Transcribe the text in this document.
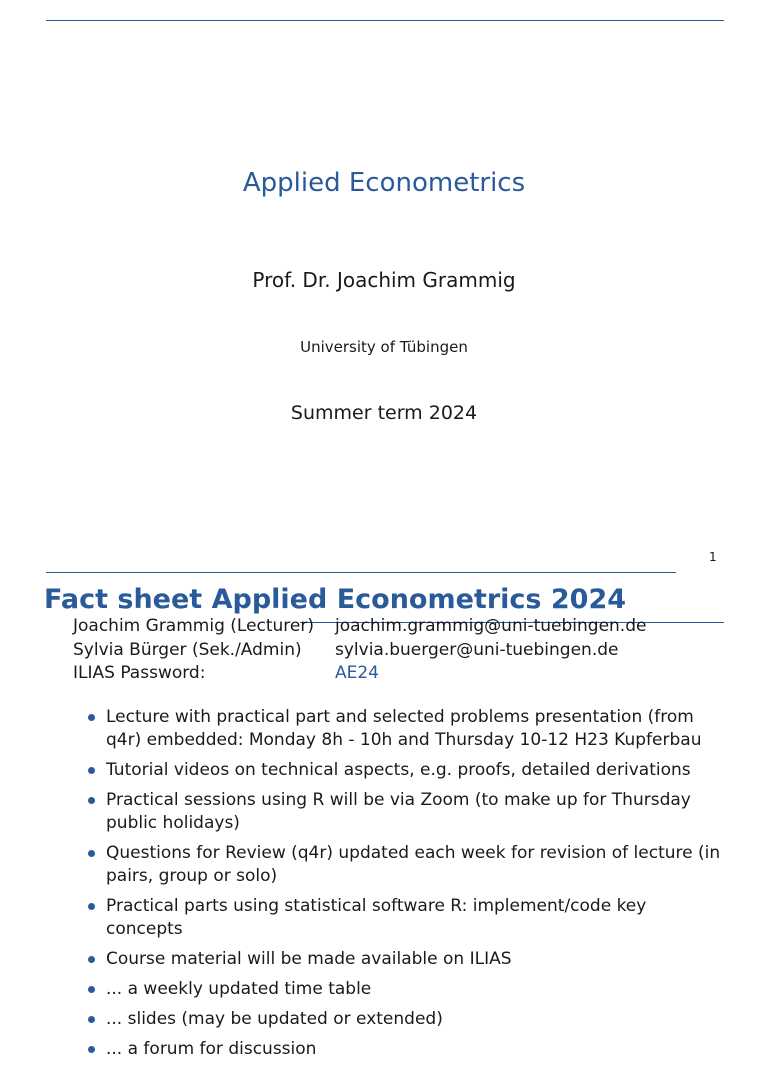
Applied Econometrics
Prof. Dr. Joachim Grammig
University of Tübingen
Summer term 2024
1
Fact sheet Applied Econometrics 2024
Joachim Grammig (Lecturer) joachim.grammig@uni-tuebingen.de
Sylvia Bürger (Sek./Admin) sylvia.buerger@uni-tuebingen.de
ILIAS Password:	AE24
Lecture with practical part and selected problems presentation (from q4r) embedded: Monday 8h - 10h and Thursday 10-12 H23 Kupferbau
Tutorial videos on technical aspects, e.g. proofs, detailed derivations
Practical sessions using R will be via Zoom (to make up for Thursday public holidays)
Questions for Review (q4r) updated each week for revision of lecture (in pairs, group or solo)
Practical parts using statistical software R: implement/code key concepts
Course material will be made available on ILIAS
... a weekly updated time table
... slides (may be updated or extended)
... a forum for discussion
